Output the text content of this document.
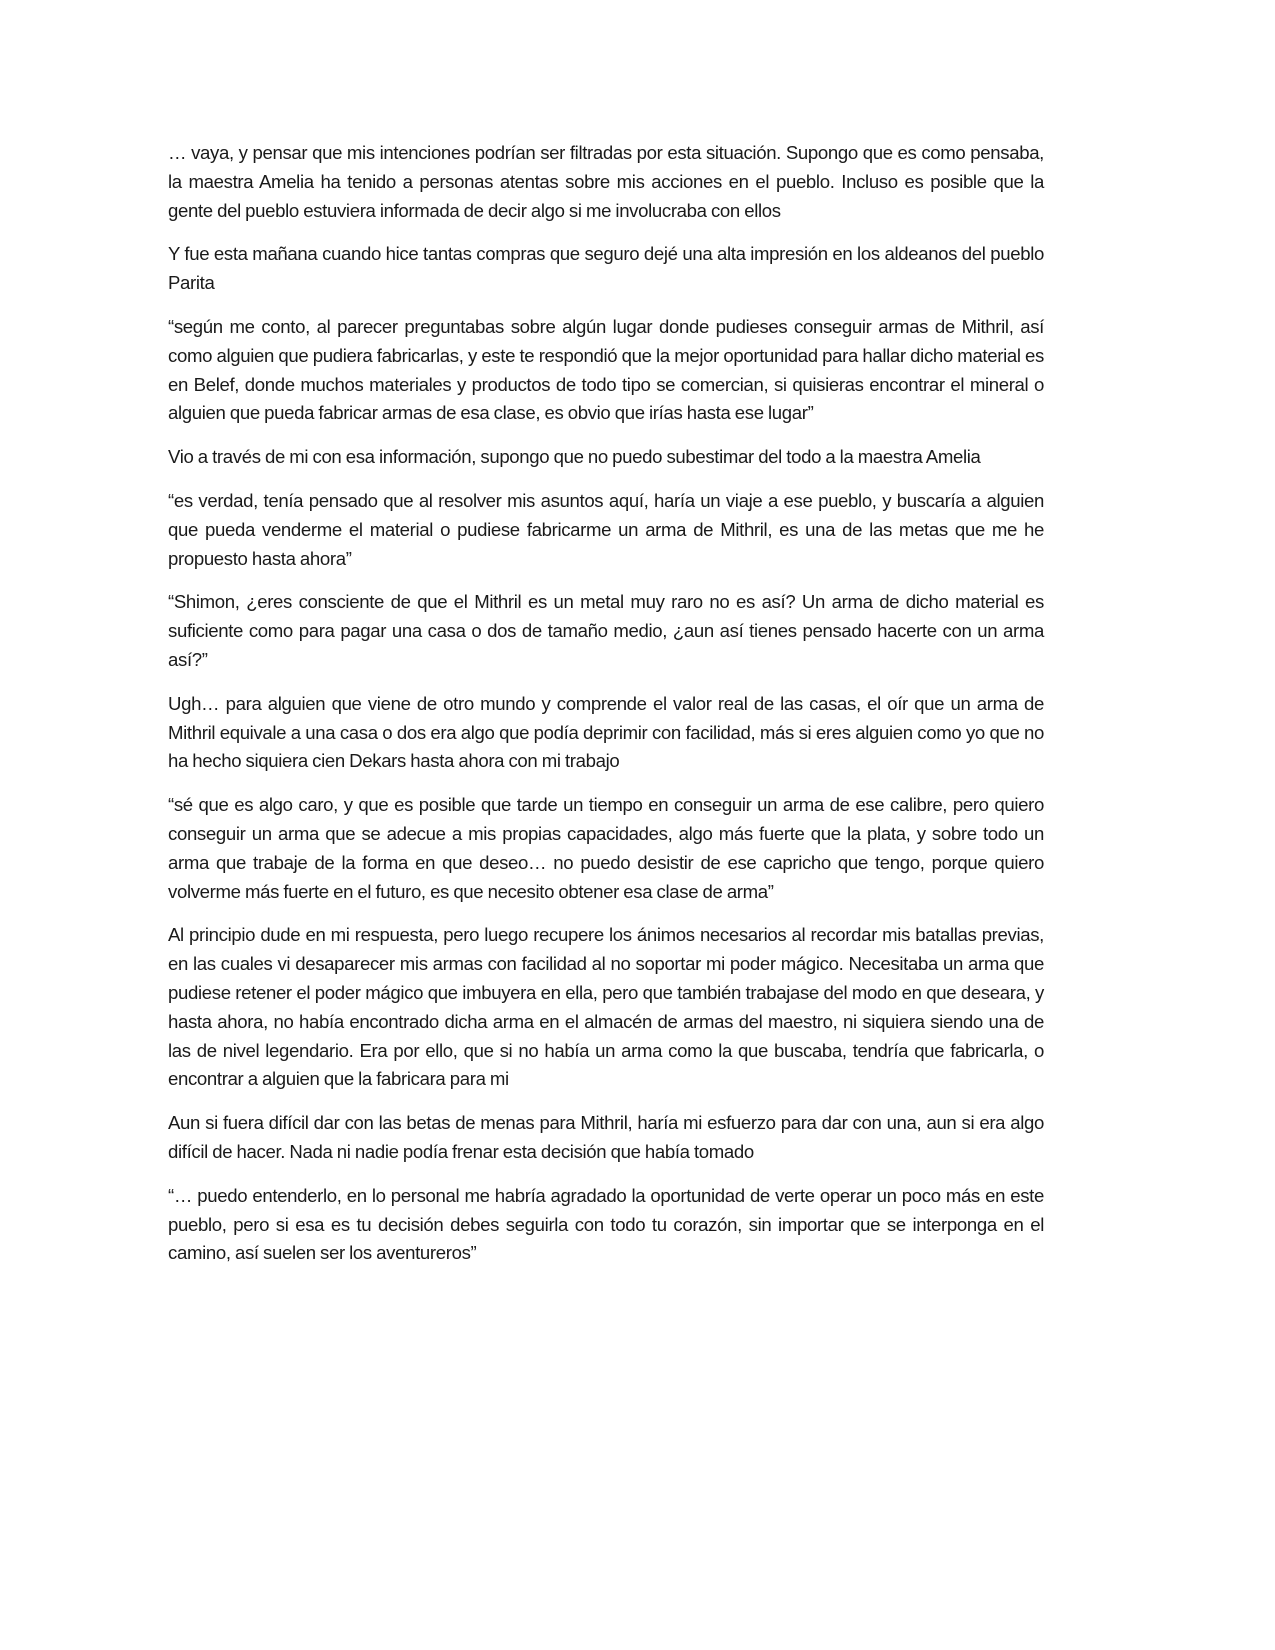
… vaya, y pensar que mis intenciones podrían ser filtradas por esta situación. Supongo que es como pensaba, la maestra Amelia ha tenido a personas atentas sobre mis acciones en el pueblo. Incluso es posible que la gente del pueblo estuviera informada de decir algo si me involucraba con ellos

Y fue esta mañana cuando hice tantas compras que seguro dejé una alta impresión en los aldeanos del pueblo Parita

“según me conto, al parecer preguntabas sobre algún lugar donde pudieses conseguir armas de Mithril, así como alguien que pudiera fabricarlas, y este te respondió que la mejor oportunidad para hallar dicho material es en Belef, donde muchos materiales y productos de todo tipo se comercian, si quisieras encontrar el mineral o alguien que pueda fabricar armas de esa clase, es obvio que irías hasta ese lugar”

Vio a través de mi con esa información, supongo que no puedo subestimar del todo a la maestra Amelia

“es verdad, tenía pensado que al resolver mis asuntos aquí, haría un viaje a ese pueblo, y buscaría a alguien que pueda venderme el material o pudiese fabricarme un arma de Mithril, es una de las metas que me he propuesto hasta ahora”

“Shimon, ¿eres consciente de que el Mithril es un metal muy raro no es así? Un arma de dicho material es suficiente como para pagar una casa o dos de tamaño medio, ¿aun así tienes pensado hacerte con un arma así?”

Ugh… para alguien que viene de otro mundo y comprende el valor real de las casas, el oír que un arma de Mithril equivale a una casa o dos era algo que podía deprimir con facilidad, más si eres alguien como yo que no ha hecho siquiera cien Dekars hasta ahora con mi trabajo

“sé que es algo caro, y que es posible que tarde un tiempo en conseguir un arma de ese calibre, pero quiero conseguir un arma que se adecue a mis propias capacidades, algo más fuerte que la plata, y sobre todo un arma que trabaje de la forma en que deseo… no puedo desistir de ese capricho que tengo, porque quiero volverme más fuerte en el futuro, es que necesito obtener esa clase de arma”

Al principio dude en mi respuesta, pero luego recupere los ánimos necesarios al recordar mis batallas previas, en las cuales vi desaparecer mis armas con facilidad al no soportar mi poder mágico. Necesitaba un arma que pudiese retener el poder mágico que imbuyera en ella, pero que también trabajase del modo en que deseara, y hasta ahora, no había encontrado dicha arma en el almacén de armas del maestro, ni siquiera siendo una de las de nivel legendario. Era por ello, que si no había un arma como la que buscaba, tendría que fabricarla, o encontrar a alguien que la fabricara para mi

Aun si fuera difícil dar con las betas de menas para Mithril, haría mi esfuerzo para dar con una, aun si era algo difícil de hacer. Nada ni nadie podía frenar esta decisión que había tomado

“… puedo entenderlo, en lo personal me habría agradado la oportunidad de verte operar un poco más en este pueblo, pero si esa es tu decisión debes seguirla con todo tu corazón, sin importar que se interponga en el camino, así suelen ser los aventureros”
